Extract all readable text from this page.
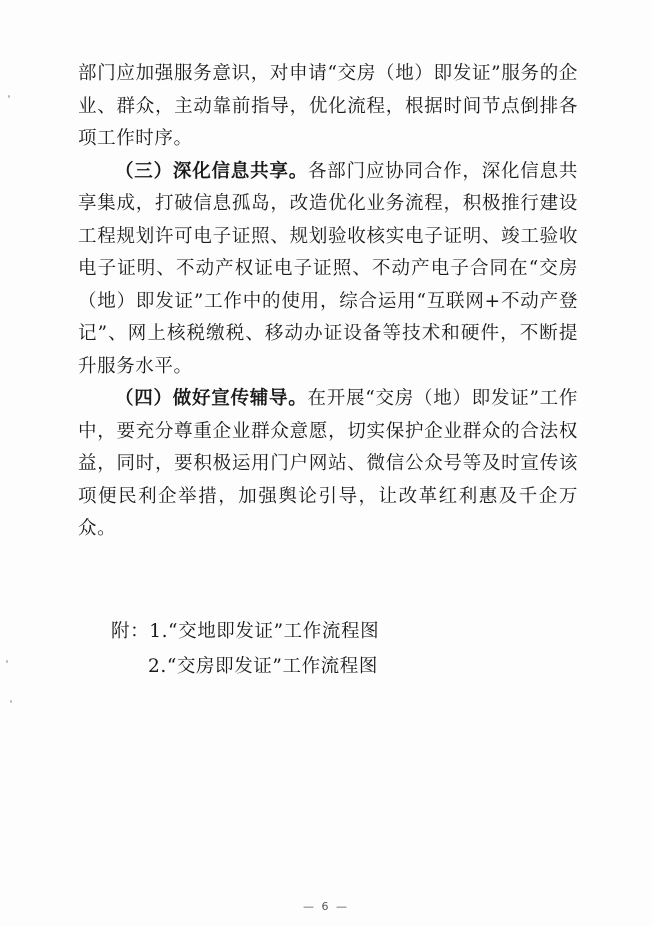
部门应加强服务意识，对申请“交房（地）即发证”服务的企业、群众，主动靠前指导，优化流程，根据时间节点倒排各项工作时序。

（三）深化信息共享。各部门应协同合作，深化信息共享集成，打破信息孤岛，改造优化业务流程，积极推行建设工程规划许可电子证照、规划验收核实电子证明、竣工验收电子证明、不动产权证电子证照、不动产电子合同在“交房（地）即发证”工作中的使用，综合运用“互联网+不动产登记”、网上核税缴税、移动办证设备等技术和硬件，不断提升服务水平。

（四）做好宣传辅导。在开展“交房（地）即发证”工作中，要充分尊重企业群众意愿，切实保护企业群众的合法权益，同时，要积极运用门户网站、微信公众号等及时宣传该项便民利企举措，加强舆论引导，让改革红利惠及千企万众。

附：1.“交地即发证”工作流程图
2.“交房即发证”工作流程图
— 6 —
